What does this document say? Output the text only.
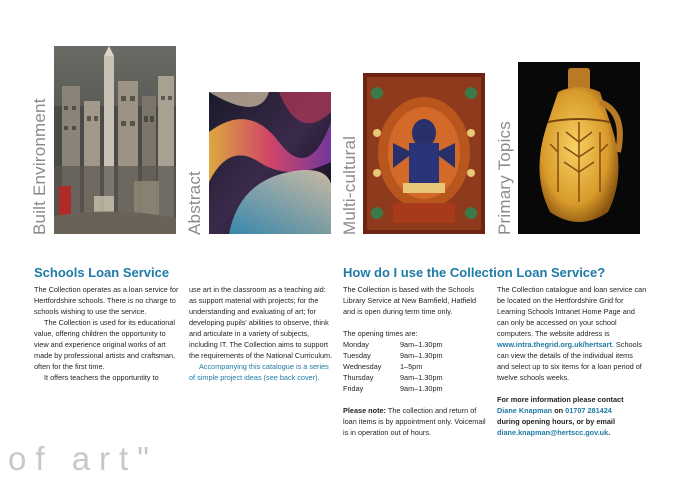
Built Environment	Abstract	Multi-cultural	Primary Topics
Schools Loan Service

The Collection operates as a loan service for Hertfordshire schools. There is no charge to schools wishing to use the service.

The Collection is used for its educational value, offering children the opportunity to view and experience original works of art made by professional artists and craftsman, often for the first time.

It offers teachers the opportuntity to

use art in the classroom as a teaching aid: as support material with projects; for the understanding and evaluating of art; for developing pupils' abilities to observe, think and articulate in a variety of subjects, including IT. The Collection aims to support the requirements of the National Curriculum.

Accompanying this catalogue is a series of simple project ideas (see back cover).

How do I use the Collection Loan Service?

The Collection is based with the Schools Library Service at New Barnfield, Hatfield and is open during term time only.

The opening times are:

Monday	9am–1.30pm
Tuesday	9am–1.30pm
Wednesday	1–5pm
Thursday	9am–1.30pm
Friday	9am–1.30pm

Please note: The collection and return of loan items is by appointment only. Voicemail is in operation out of hours.

The Collection catalogue and loan service can be located on the Hertfordshire Grid for Learning Schools Intranet Home Page and can only be accessed on your school computers. The website address is www.intra.thegrid.org.uk/hertsart. Schools can view the details of the individual items and select up to six items for a loan period of twelve schools weeks.

For more information please contact
Diane Knapman on 01707 281424
during opening hours, or by email
diane.knapman@hertscc.gov.uk.

of art"
